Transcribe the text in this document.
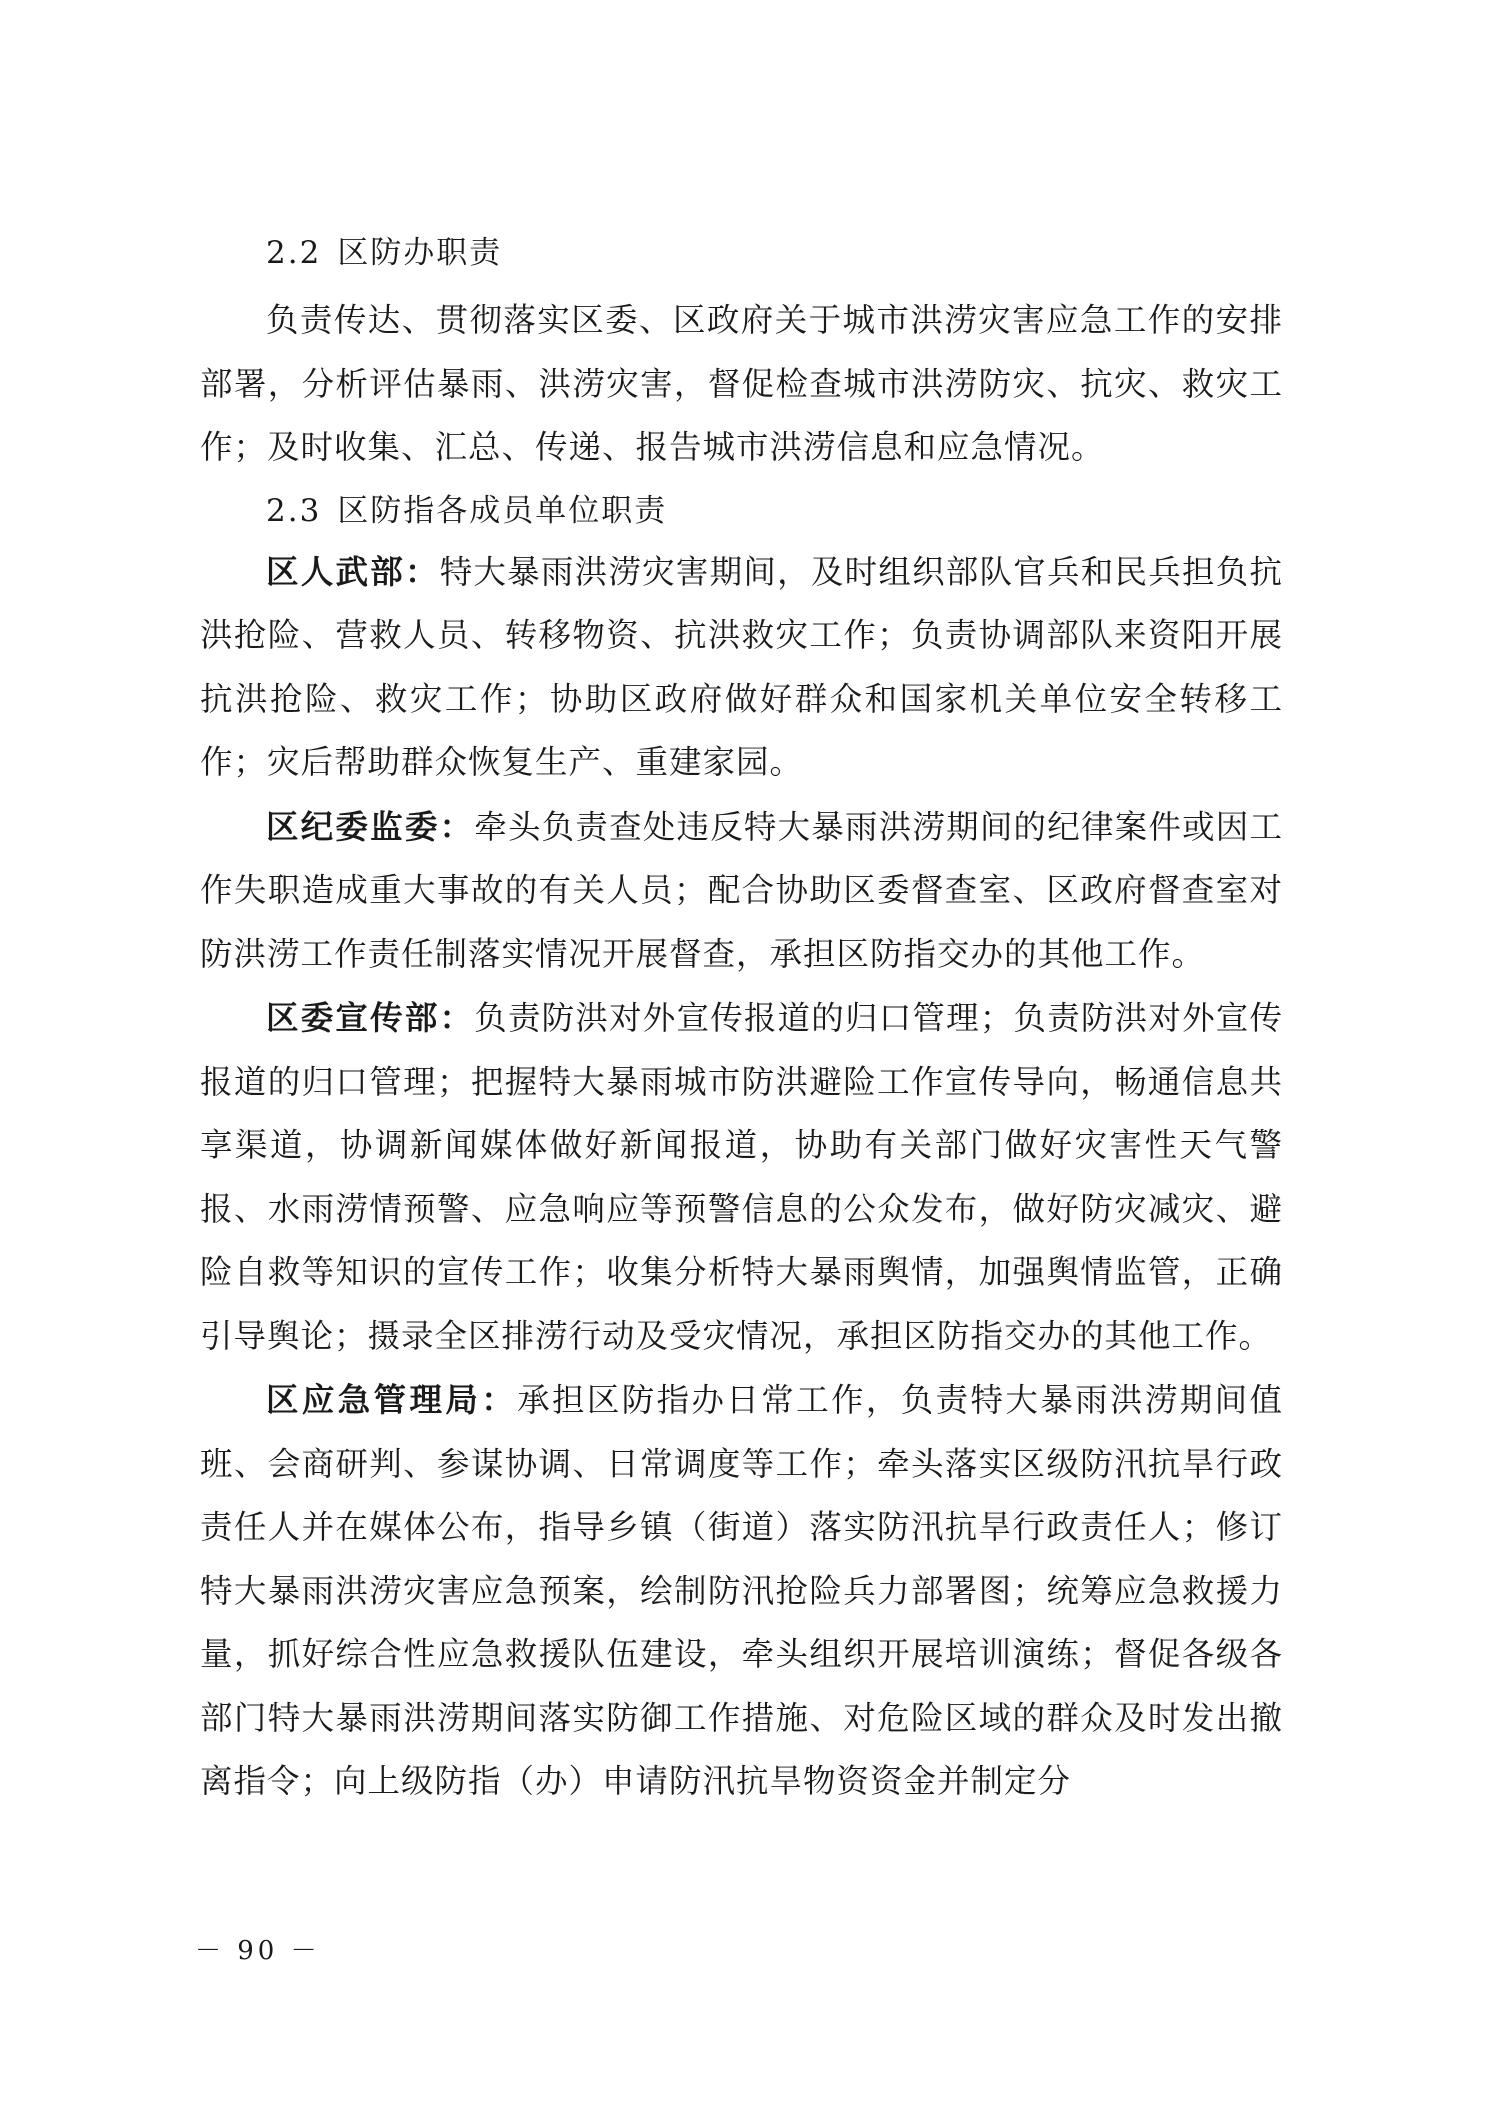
2.2 区防办职责

负责传达、贯彻落实区委、区政府关于城市洪涝灾害应急工作的安排部署，分析评估暴雨、洪涝灾害，督促检查城市洪涝防灾、抗灾、救灾工作；及时收集、汇总、传递、报告城市洪涝信息和应急情况。

2.3 区防指各成员单位职责

区人武部：特大暴雨洪涝灾害期间，及时组织部队官兵和民兵担负抗洪抢险、营救人员、转移物资、抗洪救灾工作；负责协调部队来资阳开展抗洪抢险、救灾工作；协助区政府做好群众和国家机关单位安全转移工作；灾后帮助群众恢复生产、重建家园。

区纪委监委：牵头负责查处违反特大暴雨洪涝期间的纪律案件或因工作失职造成重大事故的有关人员；配合协助区委督查室、区政府督查室对防洪涝工作责任制落实情况开展督查，承担区防指交办的其他工作。

区委宣传部：负责防洪对外宣传报道的归口管理；负责防洪对外宣传报道的归口管理；把握特大暴雨城市防洪避险工作宣传导向，畅通信息共享渠道，协调新闻媒体做好新闻报道，协助有关部门做好灾害性天气警报、水雨涝情预警、应急响应等预警信息的公众发布，做好防灾减灾、避险自救等知识的宣传工作；收集分析特大暴雨舆情，加强舆情监管，正确引导舆论；摄录全区排涝行动及受灾情况，承担区防指交办的其他工作。

区应急管理局：承担区防指办日常工作，负责特大暴雨洪涝期间值班、会商研判、参谋协调、日常调度等工作；牵头落实区级防汛抗旱行政责任人并在媒体公布，指导乡镇（街道）落实防汛抗旱行政责任人；修订特大暴雨洪涝灾害应急预案，绘制防汛抢险兵力部署图；统筹应急救援力量，抓好综合性应急救援队伍建设，牵头组织开展培训演练；督促各级各部门特大暴雨洪涝期间落实防御工作措施、对危险区域的群众及时发出撤离指令；向上级防指（办）申请防汛抗旱物资资金并制定分

－ 90 －
